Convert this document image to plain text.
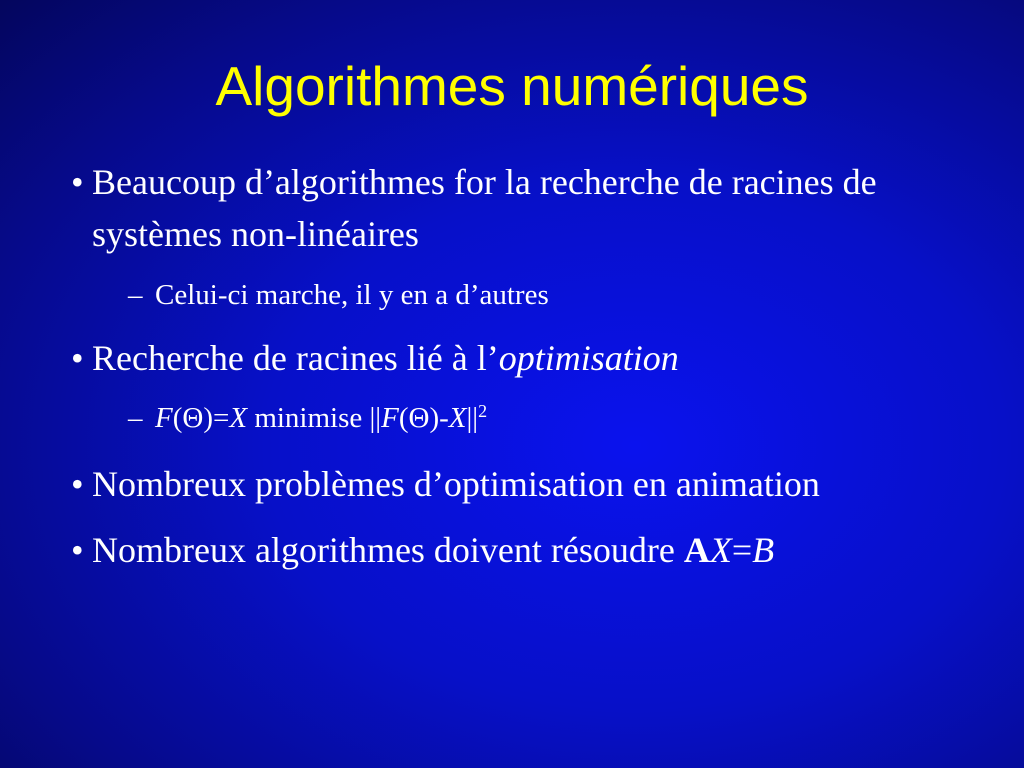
Algorithmes numériques
• Beaucoup d’algorithmes for la recherche de racines de systèmes non-linéaires
– Celui-ci marche, il y en a d’autres
• Recherche de racines lié à l’optimisation
– F(Θ)=X minimise $||F(\Theta)-X||^2$
• Nombreux problèmes d’optimisation en animation
• Nombreux algorithmes doivent résoudre AX=B
